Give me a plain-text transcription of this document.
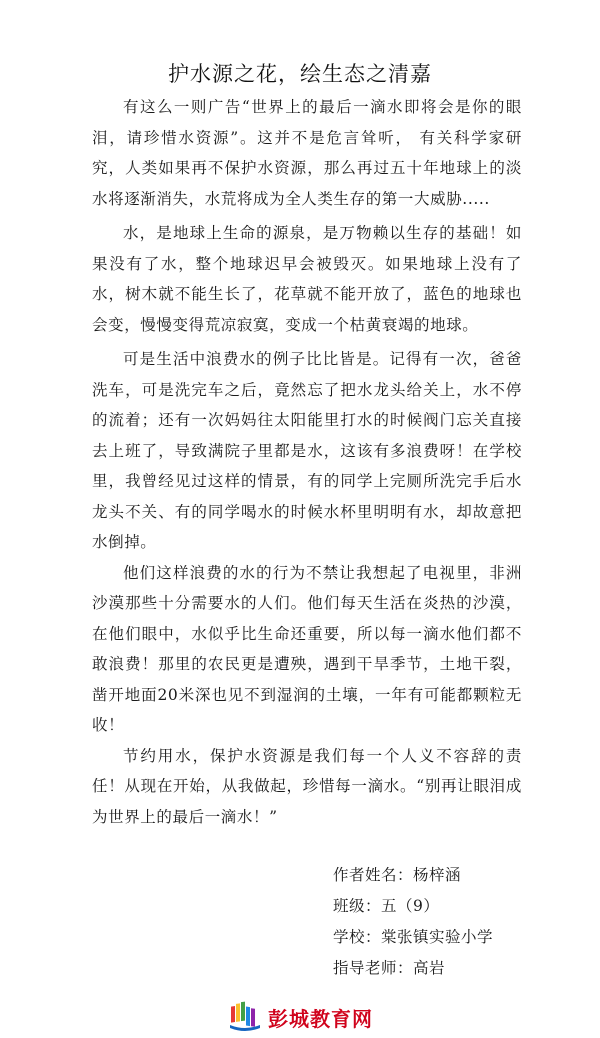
护水源之花，绘生态之清嘉

有这么一则广告“世界上的最后一滴水即将会是你的眼泪，请珍惜水资源”。这并不是危言耸听， 有关科学家研究，人类如果再不保护水资源，那么再过五十年地球上的淡水将逐渐消失，水荒将成为全人类生存的第一大威胁.....

水，是地球上生命的源泉，是万物赖以生存的基础！如果没有了水，整个地球迟早会被毁灭。如果地球上没有了水，树木就不能生长了，花草就不能开放了，蓝色的地球也会变，慢慢变得荒凉寂寞，变成一个枯黄衰竭的地球。

可是生活中浪费水的例子比比皆是。记得有一次，爸爸洗车，可是洗完车之后，竟然忘了把水龙头给关上，水不停的流着；还有一次妈妈往太阳能里打水的时候阀门忘关直接去上班了，导致满院子里都是水，这该有多浪费呀！在学校里，我曾经见过这样的情景，有的同学上完厕所洗完手后水龙头不关、有的同学喝水的时候水杯里明明有水，却故意把水倒掉。

他们这样浪费的水的行为不禁让我想起了电视里，非洲沙漠那些十分需要水的人们。他们每天生活在炎热的沙漠，在他们眼中，水似乎比生命还重要，所以每一滴水他们都不敢浪费！那里的农民更是遭殃，遇到干旱季节，土地干裂，凿开地面20米深也见不到湿润的土壤，一年有可能都颗粒无收！

节约用水，保护水资源是我们每一个人义不容辞的责任！从现在开始，从我做起，珍惜每一滴水。“别再让眼泪成为世界上的最后一滴水！”

作者姓名：杨梓涵
班级：五（9）
学校：棠张镇实验小学
指导老师：高岩
彭城教育网
